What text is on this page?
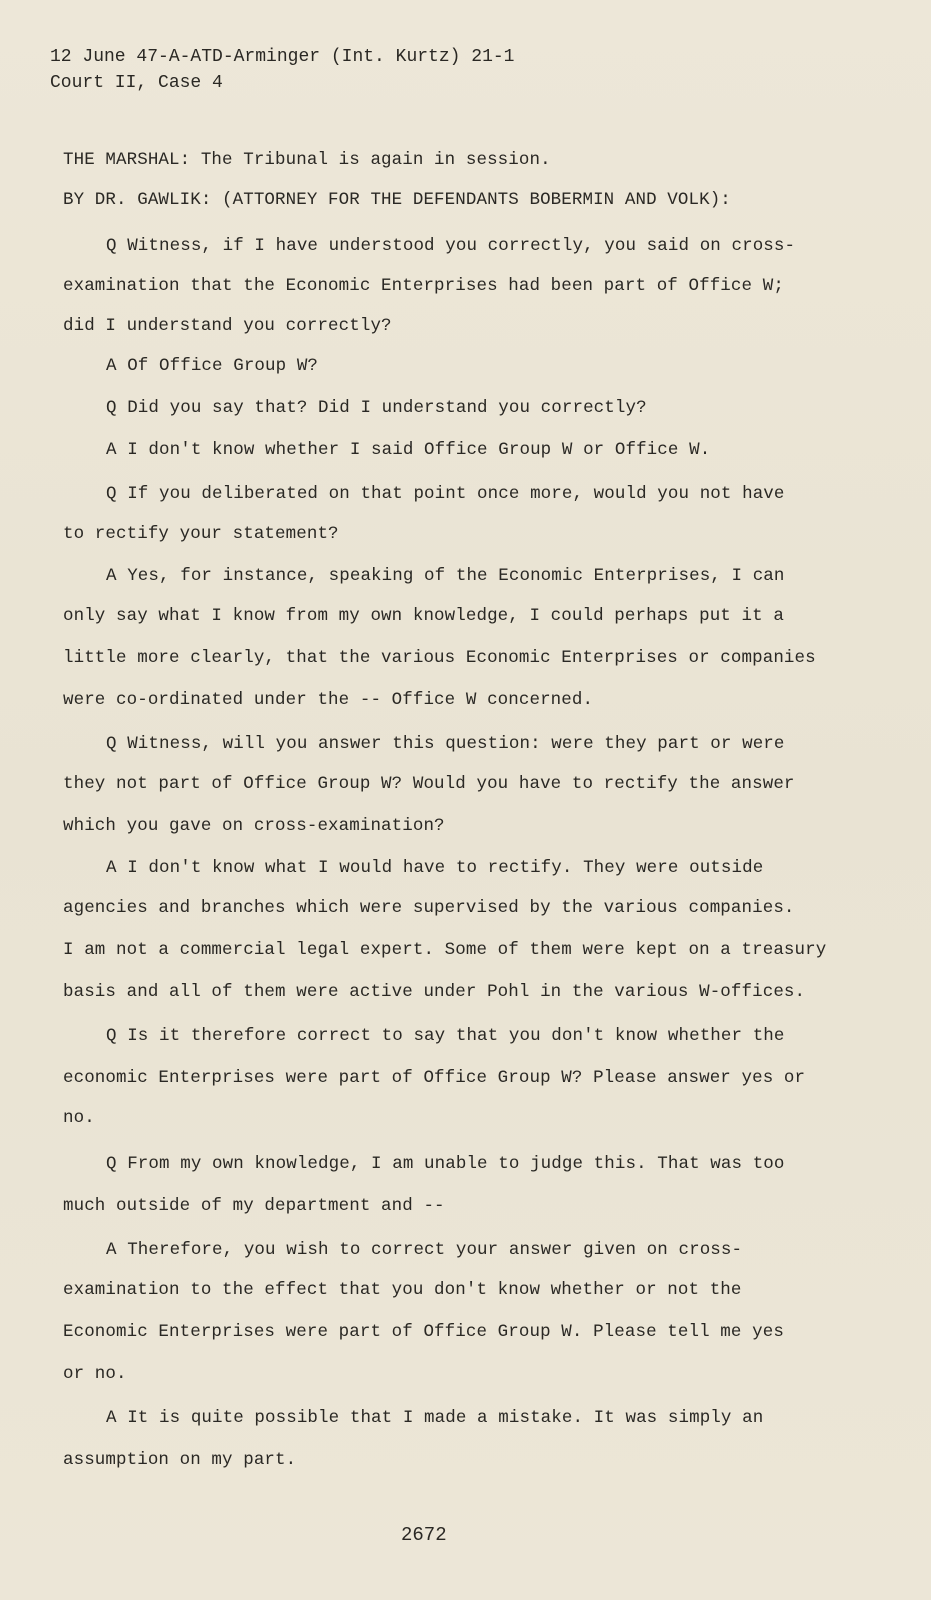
12 June 47-A-ATD-Arminger (Int. Kurtz) 21-1
Court II, Case 4
THE MARSHAL: The Tribunal is again in session.
BY DR. GAWLIK: (ATTORNEY FOR THE DEFENDANTS BOBERMIN AND VOLK):
Q Witness, if I have understood you correctly, you said on cross-
examination that the Economic Enterprises had been part of Office W;
did I understand you correctly?
A Of Office Group W?
Q Did you say that? Did I understand you correctly?
A I don't know whether I said Office Group W or Office W.
Q If you deliberated on that point once more, would you not have
to rectify your statement?
A Yes, for instance, speaking of the Economic Enterprises, I can
only say what I know from my own knowledge, I could perhaps put it a
little more clearly, that the various Economic Enterprises or companies
were co-ordinated under the -- Office W concerned.
Q Witness, will you answer this question: were they part or were
they not part of Office Group W? Would you have to rectify the answer
which you gave on cross-examination?
A I don't know what I would have to rectify. They were outside
agencies and branches which were supervised by the various companies.
I am not a commercial legal expert. Some of them were kept on a treasury
basis and all of them were active under Pohl in the various W-offices.
Q Is it therefore correct to say that you don't know whether the
economic Enterprises were part of Office Group W? Please answer yes or
no.
Q From my own knowledge, I am unable to judge this. That was too
much outside of my department and --
A Therefore, you wish to correct your answer given on cross-
examination to the effect that you don't know whether or not the
Economic Enterprises were part of Office Group W. Please tell me yes
or no.
A It is quite possible that I made a mistake. It was simply an
assumption on my part.
2672
